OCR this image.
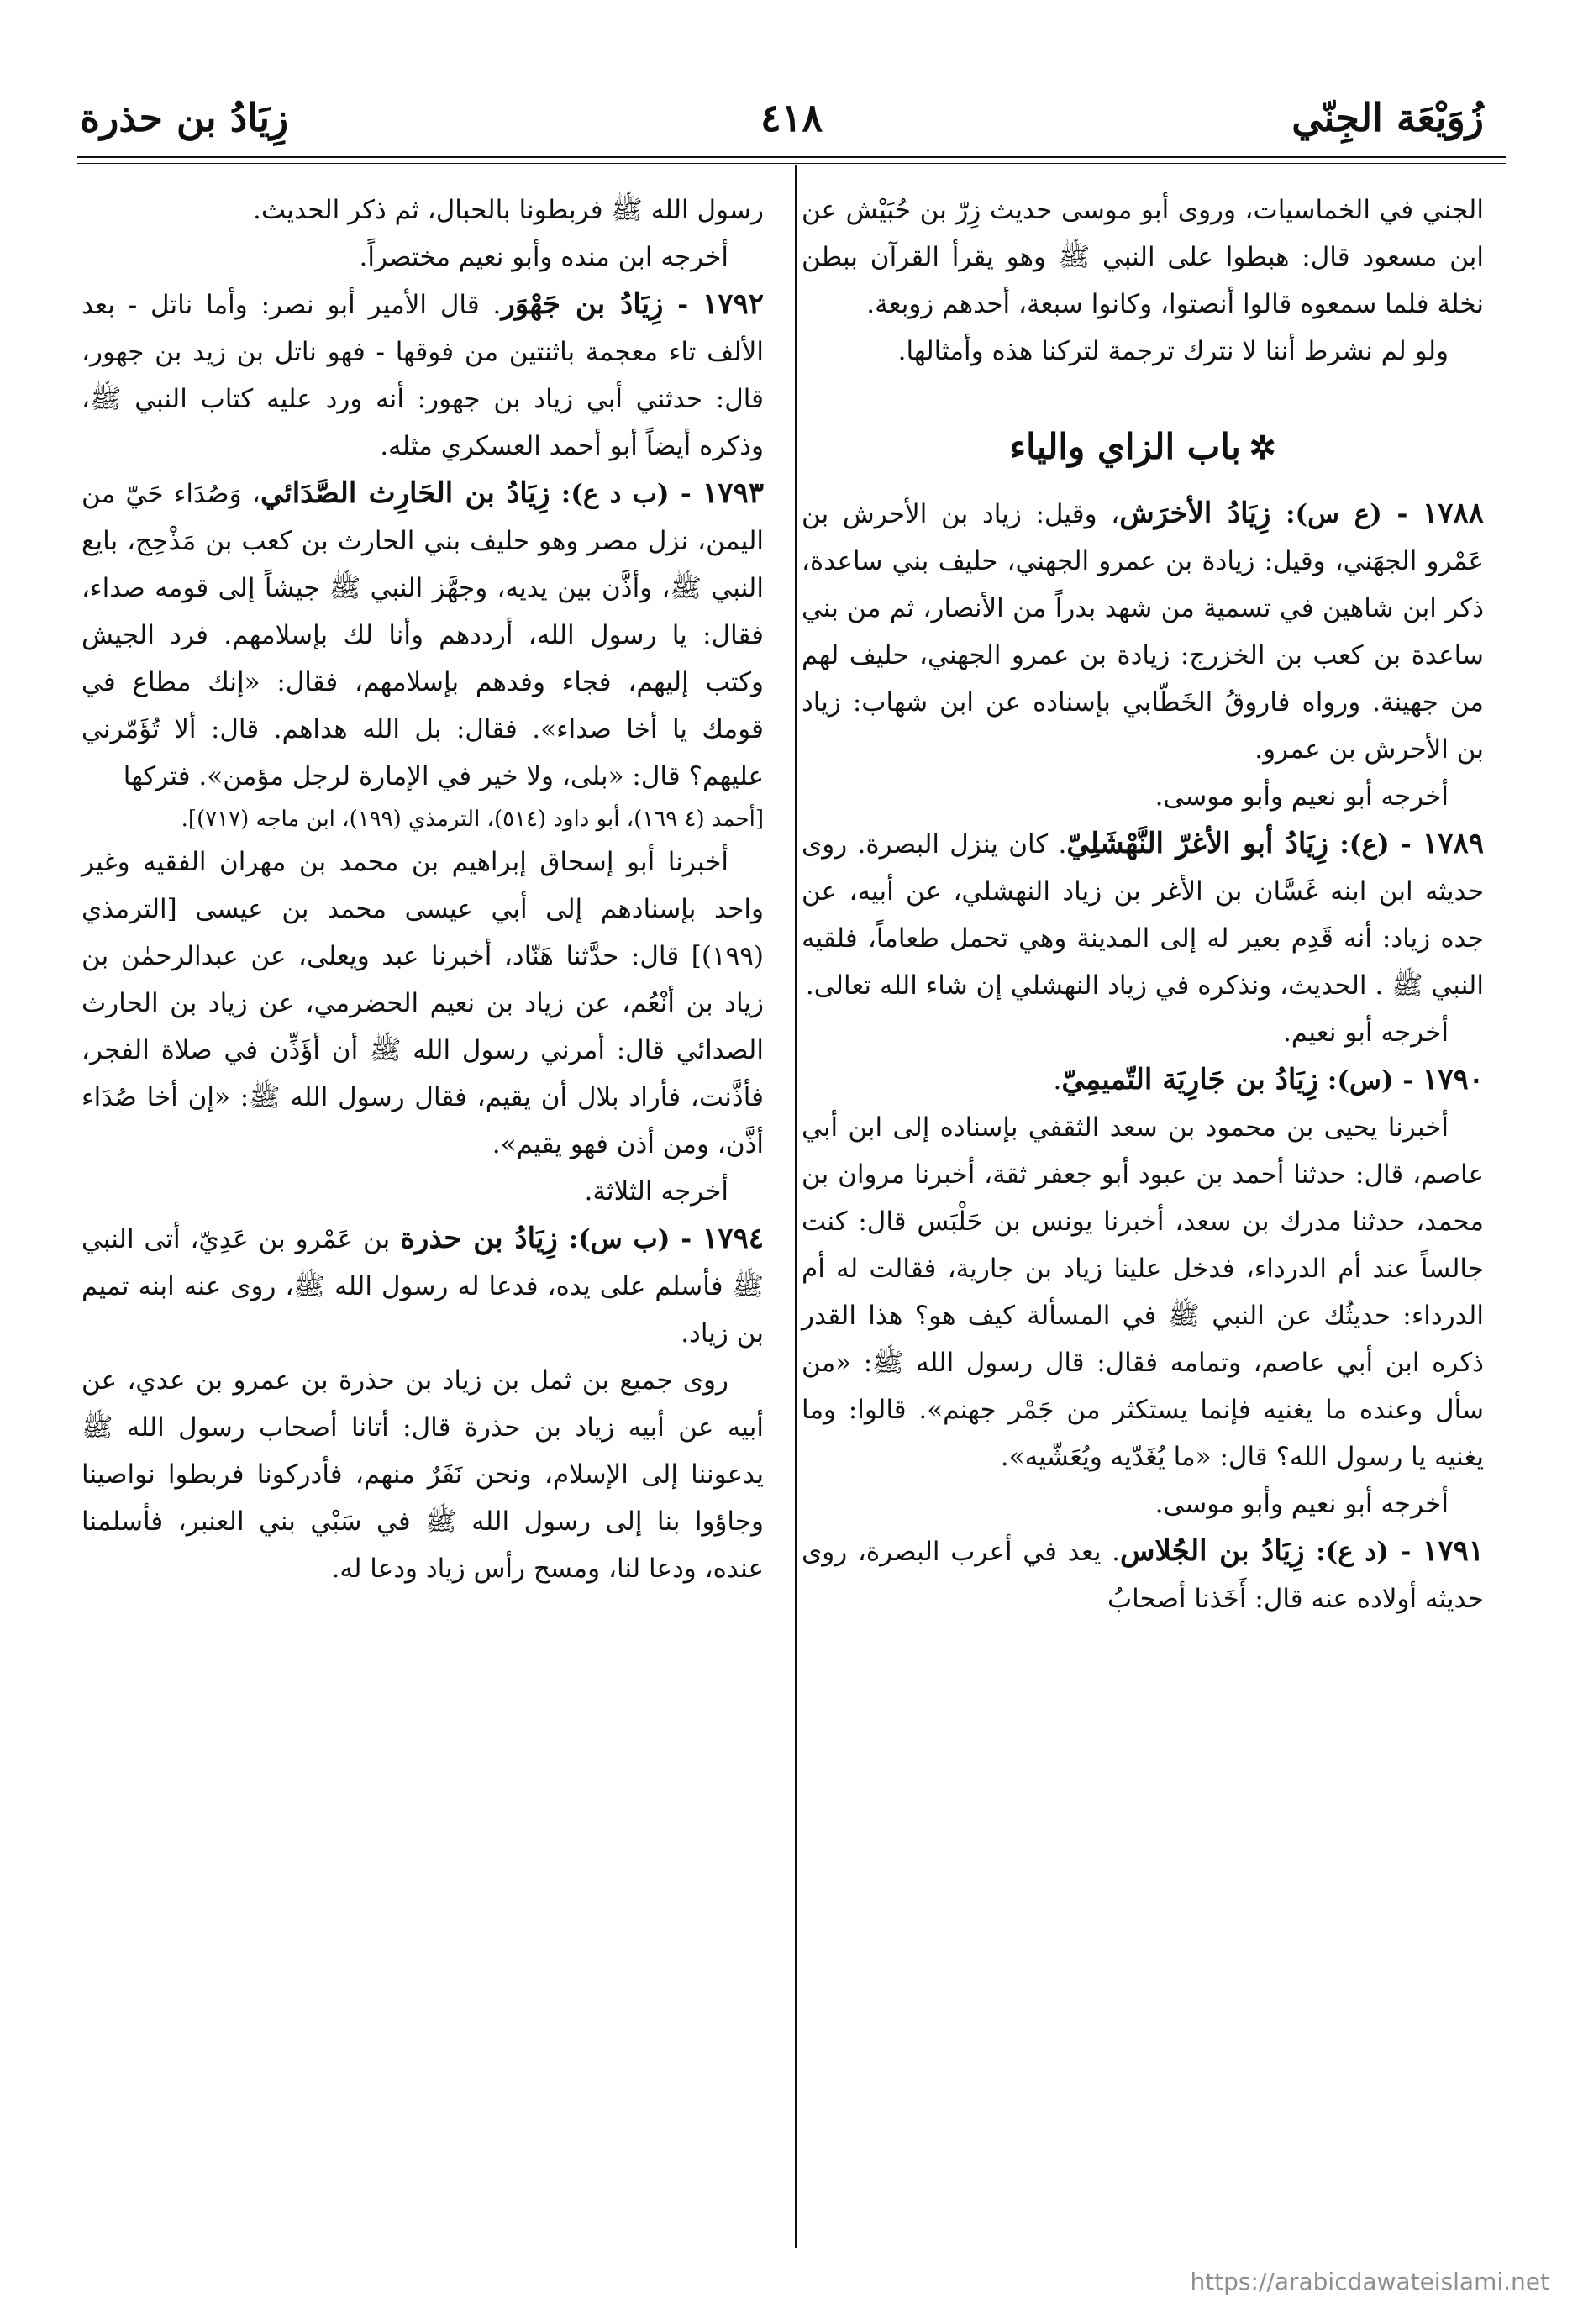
زُوَيْعَة الجِنّي
٤١٨
زِيَادُ بن حذرة

الجني في الخماسيات، وروى أبو موسى حديث زِرّ بن حُبَيْش عن ابن مسعود قال: هبطوا على النبي ﷺ وهو يقرأ القرآن ببطن نخلة فلما سمعوه قالوا أنصتوا، وكانوا سبعة، أحدهم زوبعة.

ولو لم نشرط أننا لا نترك ترجمة لتركنا هذه وأمثالها.

✲باب الزاي والياء

١٧٨٨ - (ع س): زِيَادُ الأخرَش، وقيل: زياد بن الأحرش بن عَمْرو الجهَني، وقيل: زيادة بن عمرو الجهني، حليف بني ساعدة، ذكر ابن شاهين في تسمية من شهد بدراً من الأنصار، ثم من بني ساعدة بن كعب بن الخزرج: زيادة بن عمرو الجهني، حليف لهم من جهينة. ورواه فاروقُ الخَطّابي بإسناده عن ابن شهاب: زياد بن الأحرش بن عمرو.

أخرجه أبو نعيم وأبو موسى.

١٧٨٩ - (ع): زِيَادُ أبو الأغرّ النَّهْشَلِيّ. كان ينزل البصرة. روى حديثه ابن ابنه غَسَّان بن الأغر بن زياد النهشلي، عن أبيه، عن جده زياد: أنه قَدِم بعير له إلى المدينة وهي تحمل طعاماً، فلقيه النبي ﷺ . الحديث، ونذكره في زياد النهشلي إن شاء الله تعالى.

أخرجه أبو نعيم.

١٧٩٠ - (س): زِيَادُ بن جَارِيَة التّميمِيّ.

أخبرنا يحيى بن محمود بن سعد الثقفي بإسناده إلى ابن أبي عاصم، قال: حدثنا أحمد بن عبود أبو جعفر ثقة، أخبرنا مروان بن محمد، حدثنا مدرك بن سعد، أخبرنا يونس بن حَلْبَس قال: كنت جالساً عند أم الدرداء، فدخل علينا زياد بن جارية، فقالت له أم الدرداء: حديثُك عن النبي ﷺ في المسألة كيف هو؟ هذا القدر ذكره ابن أبي عاصم، وتمامه فقال: قال رسول الله ﷺ: «من سأل وعنده ما يغنيه فإنما يستكثر من جَمْر جهنم». قالوا: وما يغنيه يا رسول الله؟ قال: «ما يُغَدّيه ويُعَشّيه».

أخرجه أبو نعيم وأبو موسى.

١٧٩١ - (د ع): زِيَادُ بن الجُلاس. يعد في أعرب البصرة، روى حديثه أولاده عنه قال: أَخَذنا أصحابُ

رسول الله ﷺ فربطونا بالحبال، ثم ذكر الحديث.

أخرجه ابن منده وأبو نعيم مختصراً.

١٧٩٢ - زِيَادُ بن جَهْوَر. قال الأمير أبو نصر: وأما ناتل - بعد الألف تاء معجمة باثنتين من فوقها - فهو ناتل بن زيد بن جهور، قال: حدثني أبي زياد بن جهور: أنه ورد عليه كتاب النبي ﷺ، وذكره أيضاً أبو أحمد العسكري مثله.

١٧٩٣ - (ب د ع): زِيَادُ بن الحَارِث الصَّدَائي، وَصُدَاء حَيّ من اليمن، نزل مصر وهو حليف بني الحارث بن كعب بن مَذْحِج، بايع النبي ﷺ، وأذَّن بين يديه، وجهَّز النبي ﷺ جيشاً إلى قومه صداء، فقال: يا رسول الله، أرددهم وأنا لك بإسلامهم. فرد الجيش وكتب إليهم، فجاء وفدهم بإسلامهم، فقال: «إنك مطاع في قومك يا أخا صداء». فقال: بل الله هداهم. قال: ألا تُؤَمّرني عليهم؟ قال: «بلى، ولا خير في الإمارة لرجل مؤمن». فتركها

[أحمد (٤ ١٦٩)، أبو داود (٥١٤)، الترمذي (١٩٩)، ابن ماجه (٧١٧)].

أخبرنا أبو إسحاق إبراهيم بن محمد بن مهران الفقيه وغير واحد بإسنادهم إلى أبي عيسى محمد بن عيسى [الترمذي (١٩٩)] قال: حدَّثنا هَنّاد، أخبرنا عبد ويعلى، عن عبدالرحمٰن بن زياد بن أنْعُم، عن زياد بن نعيم الحضرمي، عن زياد بن الحارث الصدائي قال: أمرني رسول الله ﷺ أن أؤَذِّن في صلاة الفجر، فأذَّنت، فأراد بلال أن يقيم، فقال رسول الله ﷺ: «إن أخا صُدَاء أذَّن، ومن أذن فهو يقيم».

أخرجه الثلاثة.

١٧٩٤ - (ب س): زِيَادُ بن حذرة بن عَمْرو بن عَدِيّ، أتى النبي ﷺ فأسلم على يده، فدعا له رسول الله ﷺ، روى عنه ابنه تميم بن زياد.

روى جميع بن ثمل بن زياد بن حذرة بن عمرو بن عدي، عن أبيه عن أبيه زياد بن حذرة قال: أتانا أصحاب رسول الله ﷺ يدعوننا إلى الإسلام، ونحن نَفَرٌ منهم، فأدركونا فربطوا نواصينا وجاؤوا بنا إلى رسول الله ﷺ في سَبْي بني العنبر، فأسلمنا عنده، ودعا لنا، ومسح رأس زياد ودعا له.

https://arabicdawateislami.net
